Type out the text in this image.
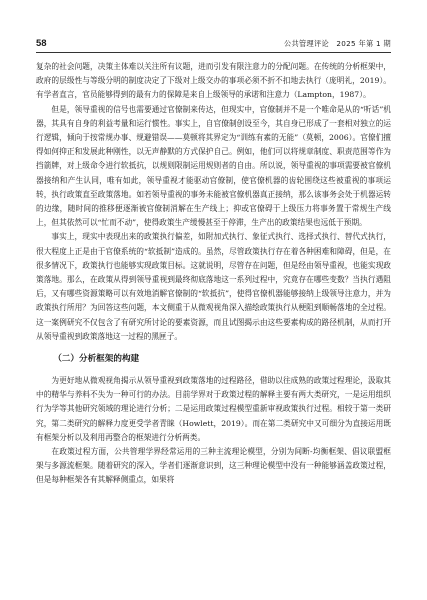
58	公共管理评论　2025 年第 1 期

复杂的社会问题，决策主体难以关注所有议题，进而引发有限注意力的分配问题。在传统的分析框架中，政府的层级性与等级分明的制度决定了下级对上级交办的事项必须不折不扣地去执行（庞明礼，2019）。有学者直言，官员能够得到的最有力的保障是来自上级领导的承诺和注意力（Lampton，1987）。

但是，领导重视的信号也需要通过官僚制来传达，但现实中，官僚制并不是一个唯命是从的“听话”机器，其具有自身的利益考量和运行惯性。事实上，自官僚制创设至今，其自身已形成了一套相对独立的运行逻辑，倾向于按常规办事、规避错误——莫顿将其界定为“训练有素的无能”（莫顿，2006）。官僚们擅得如何抑正和发展此种刚性，以无声静默的方式保护自己。例如，他们可以将规章制度、职责范围等作为挡箭牌，对上级命令进行软抵抗，以规则限制运用规则者的自由。所以说，领导重视的事项需要被官僚机器接纳和产生认同，唯有如此，领导重视才能驱动官僚制，使官僚机器的齿轮围绕这些被重视的事项运转，执行政策直至政策落地。如若领导重视的事务未能被官僚机器真正接纳，那么该事务会处于机器运转的边缘，随时间的推移便逐渐被官僚制消解在生产线上；抑或官僚碍于上级压力将事务置于常规生产线上，但其依然可以“忙而不动”，使得政策生产缓慢甚至于停滞，生产出的政策结果也远低于预期。

事实上，现实中表现出来的政策执行偏差，如附加式执行、象征式执行、选择式执行、替代式执行，很大程度上正是由于官僚系统的“软抵制”造成的。虽然，尽管政策执行存在着各种困难和障碍，但是，在很多情况下，政策执行也能够实现政策目标。这就说明，尽管存在问题，但是经由领导重视，也能实现政策落地。那么，在政策从得到领导重视到最终彻底落地这一系列过程中，究竟存在哪些变数？当执行遇阻后，又有哪些资源策略可以有效地消解官僚制的“软抵抗”，使得官僚机器能够接纳上级领导注意力，并为政策执行所用？为回答这些问题，本文侧重于从微观视角深入描绘政策执行从梗阻到顺畅落地的全过程。这一案例研究不仅包含了有研究所讨论的要素资源，而且试图揭示由这些要素构成的路径机制，从而打开从领导重视到政策落地这一过程的黑匣子。

（二）分析框架的构建

为更好地从微观视角揭示从领导重视到政策落地的过程路径，借助以往成熟的政策过程理论，汲取其中的精华与养料不失为一种可行的办法。目前学界对于政策过程的解释主要有两大类研究，一是运用组织行为学等其他研究领域的理论进行分析；二是运用政策过程模型重新审视政策执行过程。相较于第一类研究，第二类研究的解释力度更受学者青睐（Howlett，2019）。而在第二类研究中又可细分为直接运用既有框架分析以及利用再整合的框架进行分析两类。

在政策过程方面，公共管理学界经常运用的三种主流理论模型，分别为间断-均衡框架、倡议联盟框架与多源流框架。随着研究的深入，学者们逐渐意识到，这三种理论模型中没有一种能够涵盖政策过程，但是每种框架各有其解释侧重点，如果将
